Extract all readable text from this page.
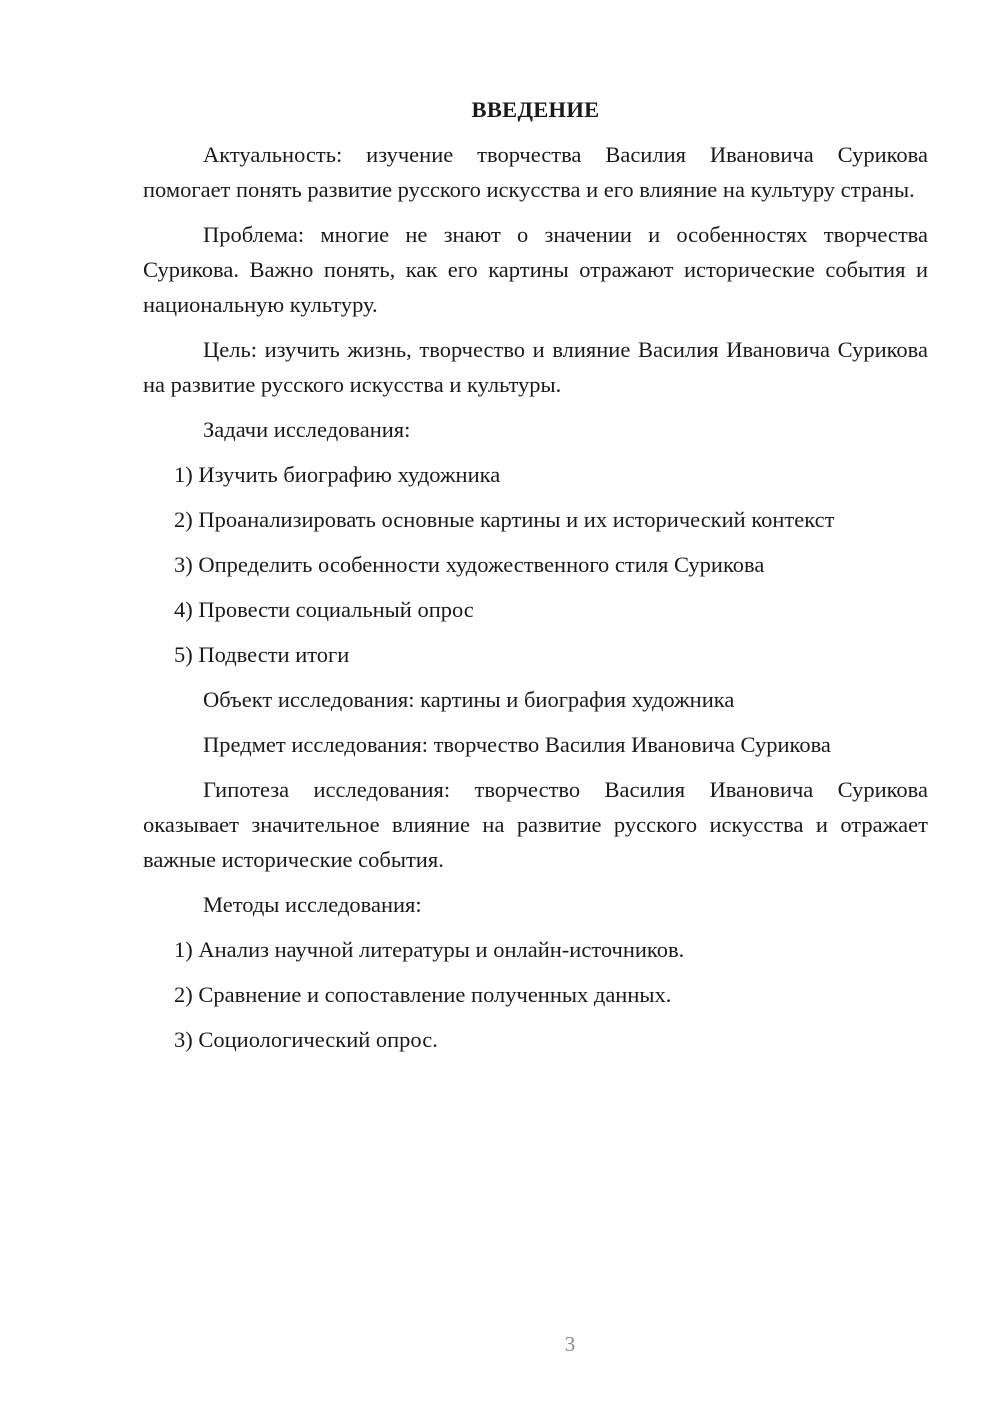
ВВЕДЕНИЕ

Актуальность: изучение творчества Василия Ивановича Сурикова помогает понять развитие русского искусства и его влияние на культуру страны.

Проблема: многие не знают о значении и особенностях творчества Сурикова. Важно понять, как его картины отражают исторические события и национальную культуру.

Цель: изучить жизнь, творчество и влияние Василия Ивановича Сурикова на развитие русского искусства и культуры.

Задачи исследования:

1) Изучить биографию художника
2) Проанализировать основные картины и их исторический контекст
3) Определить особенности художественного стиля Сурикова
4) Провести социальный опрос
5) Подвести итоги

Объект исследования: картины и биография художника

Предмет исследования: творчество Василия Ивановича Сурикова

Гипотеза исследования: творчество Василия Ивановича Сурикова оказывает значительное влияние на развитие русского искусства и отражает важные исторические события.

Методы исследования:

1) Анализ научной литературы и онлайн-источников.
2) Сравнение и сопоставление полученных данных.
3) Социологический опрос.
3
